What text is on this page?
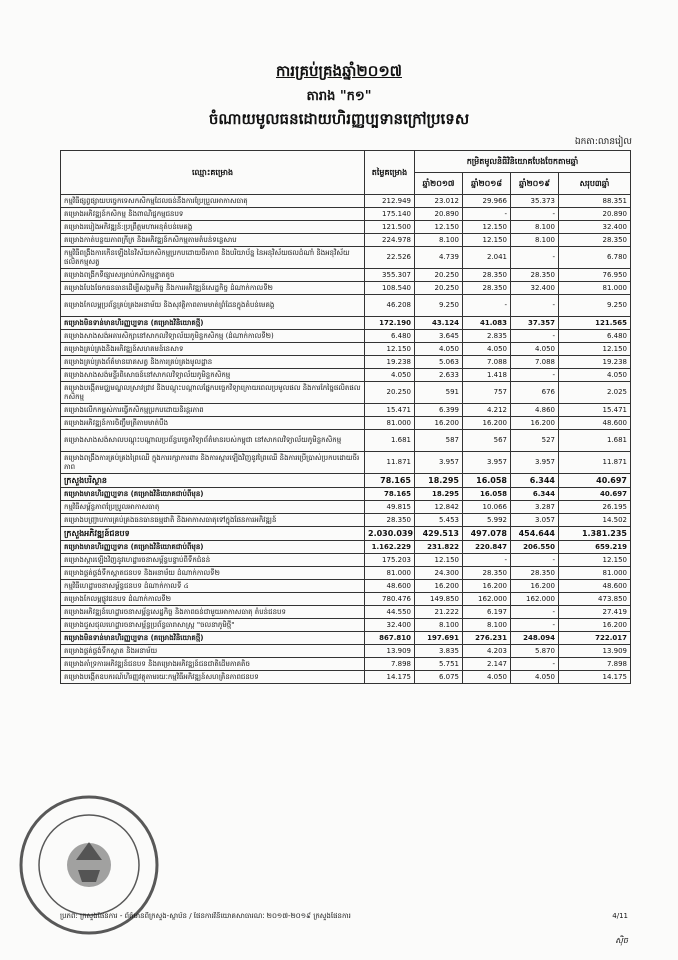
ការគ្រប់គ្រងឆ្នាំ២០១៧
តារាង "ក១"
ចំណាយមូលធនដោយហិរញ្ញប្បទានក្រៅប្រទេស
ឯកតា:លានរៀល
ឈ្មោះគម្រោង	តម្លៃគម្រោង	កម្រិតមូលនិធិវិនិយោគបែងចែកតាមឆ្នាំ			
		ឆ្នាំ២០១៧	ឆ្នាំ២០១៨	ឆ្នាំ២០១៩	សរុប៣ឆ្នាំ
កម្មវិធីផ្សព្វផ្សាយបច្ចេកទេសកសិកម្មដែលធន់នឹងការប្រែប្រួលអាកាសធាតុ	212.949	23.012	29.966	35.373	88.351
គម្រោងអភិវឌ្ឍន៍កសិកម្ម និងពាណិជ្ជកម្មជនបទ	175.140	20.890	-	-	20.890
គម្រោងរបៀងអភិវឌ្ឍន៍:ប្រព្រឹត្តមហាអនុតំបន់មេគង្គ	121.500	12.150	12.150	8.100	32.400
គម្រោងកាត់បន្ថយភាពក្រីក្រ និងអភិវឌ្ឍន៍កសិកម្មតាមតំបន់ទន្លេសាប	224.978	8.100	12.150	8.100	28.350
កម្មវិធីពង្រឹងការកើនឡើងនៃវិស័យកសិកម្មប្រកបដោយចីរភាព និងបរិយាប័ន្ន នៃអនុវិស័យផលដំណាំ និងអនុវិស័យផលិតកម្មសត្វ	22.526	4.739	2.041	-	6.780
គម្រោងពង្រីកទីផ្សារសម្រាប់កសិកម្មខ្នាតតូច	355.307	20.250	28.350	28.350	76.950
គម្រោងបែងចែកធនធានដើម្បីសង្គមកិច្ច និងការអភិវឌ្ឍន៍សេដ្ឋកិច្ច ដំណាក់កាលទី២	108.540	20.250	28.350	32.400	81.000
គម្រោងកែលម្អប្រព័ន្ធគ្រប់គ្រងអនាម័យ និងសុវត្ថិភាពតាមមាត់ព្រំដែនក្នុងតំបន់មេគង្គ	46.208	9.250	-	-	9.250
គម្រោងមិនទាន់មានហិរញ្ញប្បទាន (គម្រោងវិនិយោគថ្មី)	172.190	43.124	41.083	37.357	121.565
គម្រោងសាងសង់អគារសិក្សានៅសាកលវិទ្យាល័យភូមិន្ទកសិកម្ម (ដំណាក់កាលទី២)	6.480	3.645	2.835	-	6.480
គម្រោងគ្រប់គ្រងនិងអភិវឌ្ឍន៍សហគមន៍នេសាទ	12.150	4.050	4.050	4.050	12.150
គម្រោងគ្រប់គ្រងព័ត៌មានរោគសត្វ និងការគ្រប់គ្រងមូលដ្ឋាន	19.238	5.063	7.088	7.088	19.238
គម្រោងសាងសង់មន្ទីរពិសោធន៍នៅសាកលវិទ្យាល័យភូមិន្ទកសិកម្ម	4.050	2.633	1.418	-	4.050
គម្រោងបង្កើតមជ្ឈមណ្ឌលស្រាវជ្រាវ និងបណ្តុះបណ្តាលផ្នែកបច្ចេកវិទ្យាក្រោយពេលប្រមូលផល និងការកែច្នៃផលិតផលកសិកម្ម	20.250	591	757	676	2.025
គម្រោងលើកកម្ពស់ការធ្វើកសិកម្មប្រកបដោយនិរន្តរភាព	15.471	6.399	4.212	4.860	15.471
គម្រោងអភិវឌ្ឍន៍ការចិញ្ចឹមត្រីតាមមាត់បឹង	81.000	16.200	16.200	16.200	48.600
គម្រោងសាងសង់សាលបណ្តុះបណ្តាលប្រព័ន្ធបច្ចេកវិទ្យាព័ត៌មានរបស់កម្ពុជា នៅសាកលវិទ្យាល័យភូមិន្ទកសិកម្ម	1.681	587	567	527	1.681
គម្រោងពង្រឹងការគ្រប់គ្រងព្រៃឈើ ក្នុងការរក្សាការពារ និងការស្តារឡើងវិញនូវព្រៃឈើ និងការប្រើប្រាស់ប្រកបដោយចីរភាព	11.871	3.957	3.957	3.957	11.871
ក្រសួងបរិស្ថាន	78.165	18.295	16.058	6.344	40.697
គម្រោងមានហិរញ្ញប្បទាន (គម្រោងវិនិយោគជាប់ពីមុន)	78.165	18.295	16.058	6.344	40.697
កម្មវិធីសម្ព័ន្ធភាពប្រែប្រួលអាកាសធាតុ	49.815	12.842	10.066	3.287	26.195
គម្រោងបញ្ជ្រាបការគ្រប់គ្រងធនធានធម្មជាតិ និងអាកាសធាតុទៅក្នុងផែនការអភិវឌ្ឍន៍	28.350	5.453	5.992	3.057	14.502
ក្រសួងអភិវឌ្ឍន៍ជនបទ	2.030.039	429.513	497.078	454.644	1.381.235
គម្រោងមានហិរញ្ញប្បទាន (គម្រោងវិនិយោគជាប់ពីមុន)	1.162.229	231.822	220.847	206.550	659.219
គម្រោងស្តារឡើងវិញនូវហេដ្ឋារចនាសម្ព័ន្ធបន្ទាប់ពីទឹកជំនន់	175.203	12.150	-	-	12.150
គម្រោងផ្គត់ផ្គង់ទឹកស្អាតជនបទ និងអនាម័យ ដំណាក់កាលទី២	81.000	24.300	28.350	28.350	81.000
កម្មវិធីហេដ្ឋារចនាសម្ព័ន្ធជនបទ ដំណាក់កាលទី ៤	48.600	16.200	16.200	16.200	48.600
គម្រោងកែលម្អផ្លូវជនបទ ដំណាក់កាលទី២	780.476	149.850	162.000	162.000	473.850
គម្រោងអភិវឌ្ឍន៍ហេដ្ឋារចនាសម្ព័ន្ធសេដ្ឋកិច្ច និងភាពធន់ជាមួយអាកាសធាតុ តំបន់ជនបទ	44.550	21.222	6.197	-	27.419
គម្រោងជួសជុលហេដ្ឋារចនាសម្ព័ន្ធប្រព័ន្ធធារាសាស្ត្រ "ចលនាភូមិថ្មី"	32.400	8.100	8.100	-	16.200
គម្រោងមិនទាន់មានហិរញ្ញប្បទាន (គម្រោងវិនិយោគថ្មី)	867.810	197.691	276.231	248.094	722.017
គម្រោងផ្គត់ផ្គង់ទឹកស្អាត និងអនាម័យ	13.909	3.835	4.203	5.870	13.909
គម្រោងគាំទ្រការអភិវឌ្ឍន៍ជនបទ និងគម្រោងអភិវឌ្ឍន៍ជនជាតិដើមភាគតិច	7.898	5.751	2.147	-	7.898
គម្រោងបង្កើតឧបករណ៍ហិរញ្ញវត្ថុតាមរយៈកម្មវិធីអភិវឌ្ឍន៍សហគ្រិនភាពជនបទ	14.175	6.075	4.050	4.050	14.175
ប្រភព: ក្រសួងផែនការ - ព័ត៌មានពីក្រសួង-ស្ថាប័ន / ផែនការវិនិយោគសាធារណៈ ២០១៧-២០១៩ ក្រសួងផែនការ	4/11
ស៊ិច
